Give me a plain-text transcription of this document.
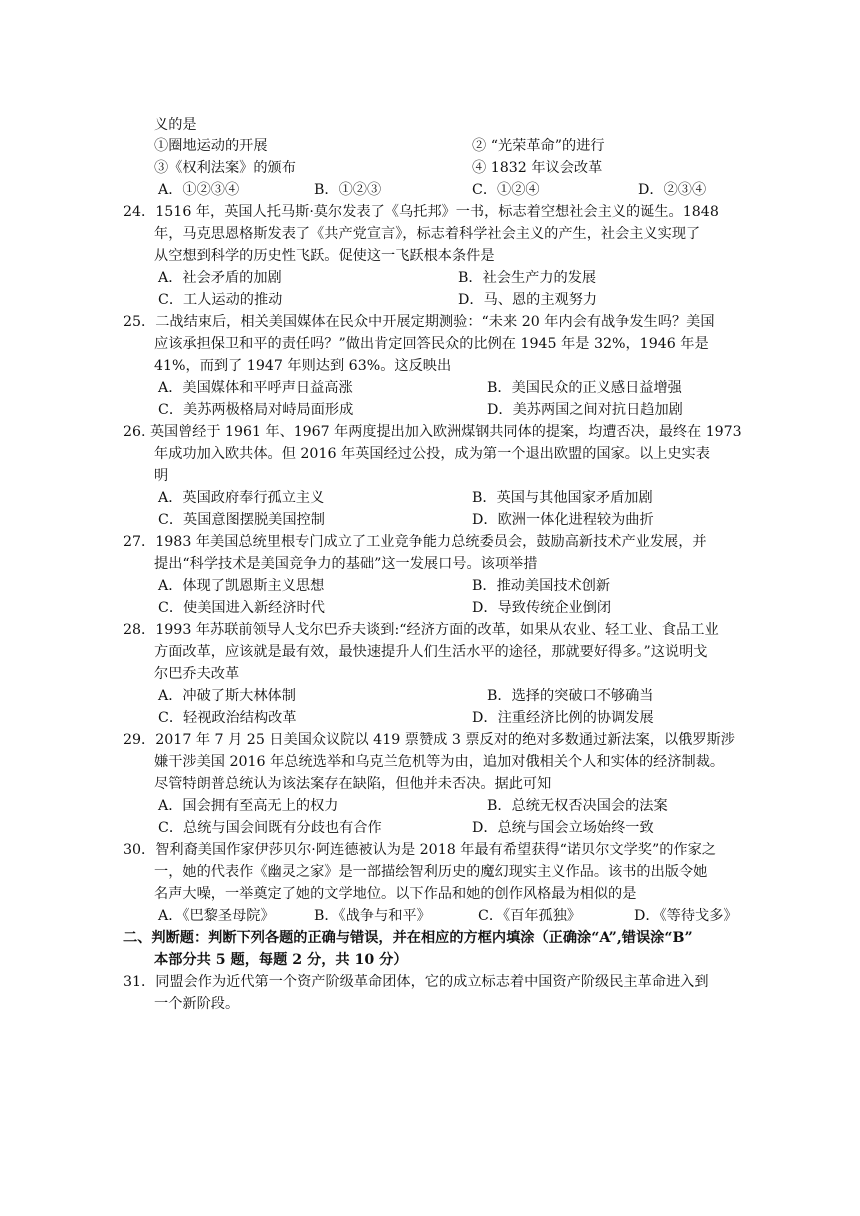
义的是
①圈地运动的开展	② “光荣革命”的进行
③《权利法案》的颁布	④ 1832 年议会改革
A．①②③④	B．①②③	C．①②④	D．②③④
24．1516 年，英国人托马斯·莫尔发表了《乌托邦》一书，标志着空想社会主义的诞生。1848
年，马克思恩格斯发表了《共产党宣言》，标志着科学社会主义的产生，社会主义实现了
从空想到科学的历史性飞跃。促使这一飞跃根本条件是
A．社会矛盾的加剧	B．社会生产力的发展
C．工人运动的推动	D．马、恩的主观努力
25．二战结束后，相关美国媒体在民众中开展定期测验：“未来 20 年内会有战争发生吗？美国
应该承担保卫和平的责任吗？”做出肯定回答民众的比例在 1945 年是 32%，1946 年是
41%，而到了 1947 年则达到 63%。这反映出
A．美国媒体和平呼声日益高涨	B．美国民众的正义感日益增强
C．美苏两极格局对峙局面形成	D．美苏两国之间对抗日趋加剧
26. 英国曾经于 1961 年、1967 年两度提出加入欧洲煤钢共同体的提案，均遭否决，最终在 1973
年成功加入欧共体。但 2016 年英国经过公投，成为第一个退出欧盟的国家。以上史实表
明
A．英国政府奉行孤立主义	B．英国与其他国家矛盾加剧
C．英国意图摆脱美国控制	D．欧洲一体化进程较为曲折
27．1983 年美国总统里根专门成立了工业竞争能力总统委员会，鼓励高新技术产业发展，并
提出“科学技术是美国竞争力的基础”这一发展口号。该项举措
A．体现了凯恩斯主义思想	B．推动美国技术创新
C．使美国进入新经济时代	D．导致传统企业倒闭
28．1993 年苏联前领导人戈尔巴乔夫谈到:“经济方面的改革，如果从农业、轻工业、食品工业
方面改革，应该就是最有效，最快速提升人们生活水平的途径，那就要好得多。”这说明戈
尔巴乔夫改革
A．冲破了斯大林体制	B．选择的突破口不够确当
C．轻视政治结构改革	D．注重经济比例的协调发展
29．2017 年 7 月 25 日美国众议院以 419 票赞成 3 票反对的绝对多数通过新法案，以俄罗斯涉
嫌干涉美国 2016 年总统选举和乌克兰危机等为由，追加对俄相关个人和实体的经济制裁。
尽管特朗普总统认为该法案存在缺陷，但他并未否决。据此可知
A．国会拥有至高无上的权力	B．总统无权否决国会的法案
C．总统与国会间既有分歧也有合作	D．总统与国会立场始终一致
30．智利裔美国作家伊莎贝尔·阿连德被认为是 2018 年最有希望获得“诺贝尔文学奖”的作家之
一，她的代表作《幽灵之家》是一部描绘智利历史的魔幻现实主义作品。该书的出版令她
名声大噪，一举奠定了她的文学地位。以下作品和她的创作风格最为相似的是
A．《巴黎圣母院》	B．《战争与和平》	C．《百年孤独》	D．《等待戈多》
二、判断题：判断下列各题的正确与错误，并在相应的方框内填涂（正确涂“A”,错误涂“B”
本部分共 5 题，每题 2 分，共 10 分）
31．同盟会作为近代第一个资产阶级革命团体，它的成立标志着中国资产阶级民主革命进入到
一个新阶段。
